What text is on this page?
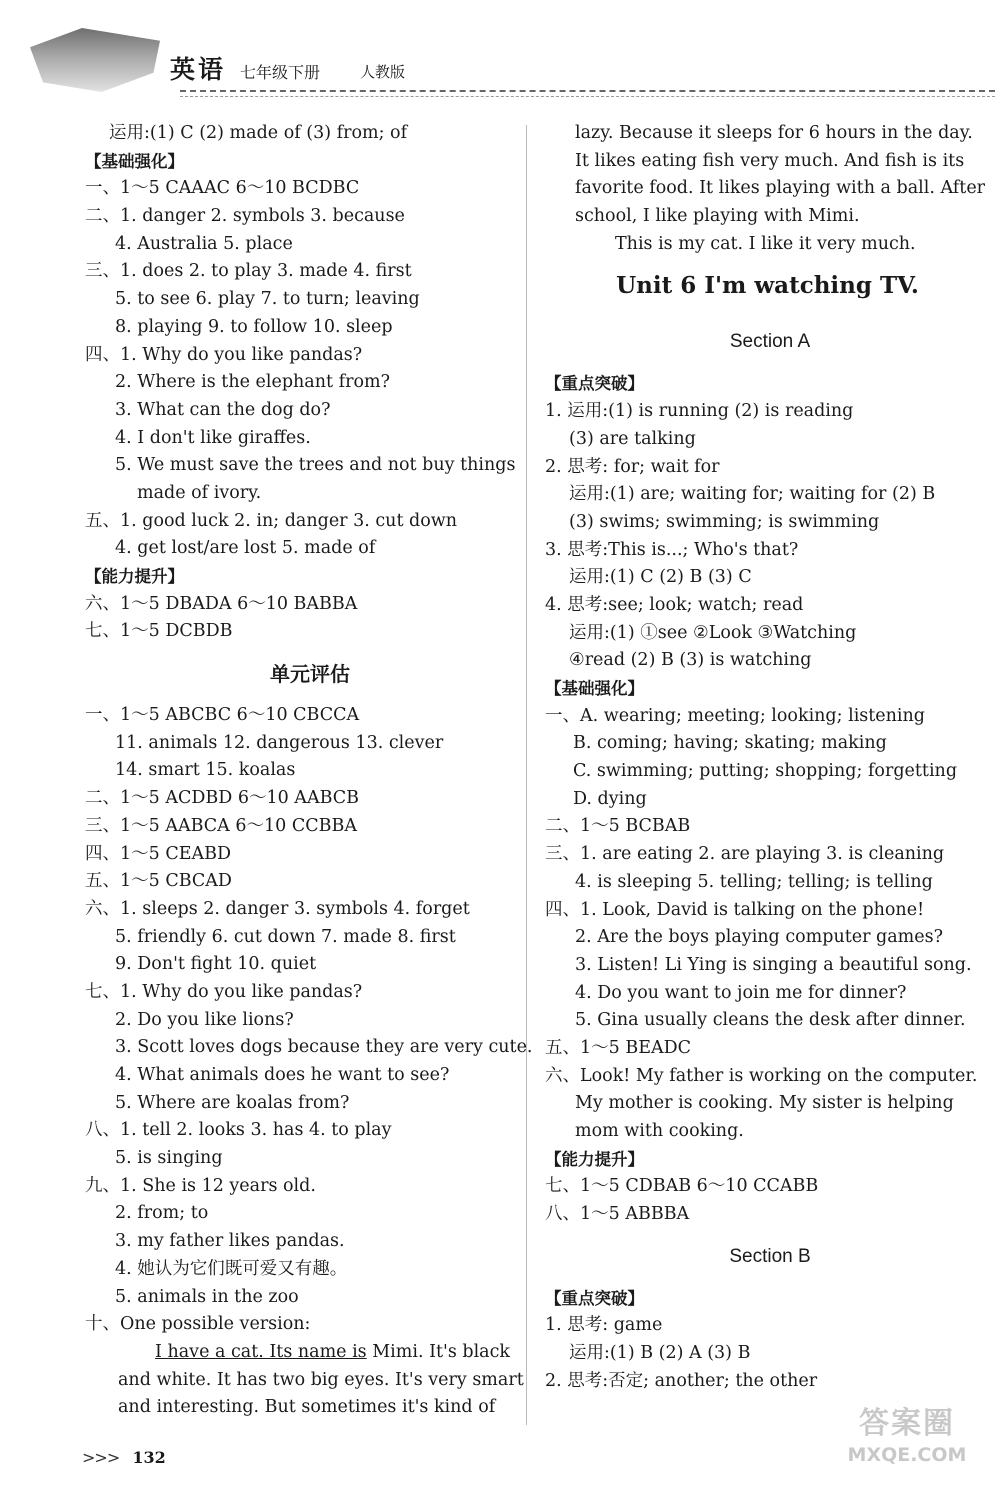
英语 七年级下册	人教版
运用:(1) C (2) made of (3) from; of
【基础强化】
一、1～5 CAAAC 6～10 BCDBC
二、1. danger 2. symbols 3. because
4. Australia 5. place
三、1. does 2. to play 3. made 4. first
5. to see 6. play 7. to turn; leaving
8. playing 9. to follow 10. sleep
四、1. Why do you like pandas?
2. Where is the elephant from?
3. What can the dog do?
4. I don't like giraffes.
5. We must save the trees and not buy things
made of ivory.
五、1. good luck 2. in; danger 3. cut down
4. get lost/are lost 5. made of
【能力提升】
六、1～5 DBADA 6～10 BABBA
七、1～5 DCBDB
单元评估
一、1～5 ABCBC 6～10 CBCCA
11. animals 12. dangerous 13. clever
14. smart 15. koalas
二、1～5 ACDBD 6～10 AABCB
三、1～5 AABCA 6～10 CCBBA
四、1～5 CEABD
五、1～5 CBCAD
六、1. sleeps 2. danger 3. symbols 4. forget
5. friendly 6. cut down 7. made 8. first
9. Don't fight 10. quiet
七、1. Why do you like pandas?
2. Do you like lions?
3. Scott loves dogs because they are very cute.
4. What animals does he want to see?
5. Where are koalas from?
八、1. tell 2. looks 3. has 4. to play
5. is singing
九、1. She is 12 years old.
2. from; to
3. my father likes pandas.
4. 她认为它们既可爱又有趣。
5. animals in the zoo
十、One possible version:
I have a cat. Its name is Mimi. It's black
and white. It has two big eyes. It's very smart
and interesting. But sometimes it's kind of
lazy. Because it sleeps for 6 hours in the day.
It likes eating fish very much. And fish is its
favorite food. It likes playing with a ball. After
school, I like playing with Mimi.
This is my cat. I like it very much.
Unit 6 I'm watching TV.
Section A
【重点突破】
1. 运用:(1) is running (2) is reading
(3) are talking
2. 思考: for; wait for
运用:(1) are; waiting for; waiting for (2) B
(3) swims; swimming; is swimming
3. 思考:This is...; Who's that?
运用:(1) C (2) B (3) C
4. 思考:see; look; watch; read
运用:(1) ①see ②Look ③Watching
④read (2) B (3) is watching
【基础强化】
一、A. wearing; meeting; looking; listening
B. coming; having; skating; making
C. swimming; putting; shopping; forgetting
D. dying
二、1～5 BCBAB
三、1. are eating 2. are playing 3. is cleaning
4. is sleeping 5. telling; telling; is telling
四、1. Look, David is talking on the phone!
2. Are the boys playing computer games?
3. Listen! Li Ying is singing a beautiful song.
4. Do you want to join me for dinner?
5. Gina usually cleans the desk after dinner.
五、1～5 BEADC
六、Look! My father is working on the computer.
My mother is cooking. My sister is helping
mom with cooking.
【能力提升】
七、1～5 CDBAB 6～10 CCABB
八、1～5 ABBBA
Section B
【重点突破】
1. 思考: game
运用:(1) B (2) A (3) B
2. 思考:否定; another; the other
>>> 132
答案圈
MXQE.COM
